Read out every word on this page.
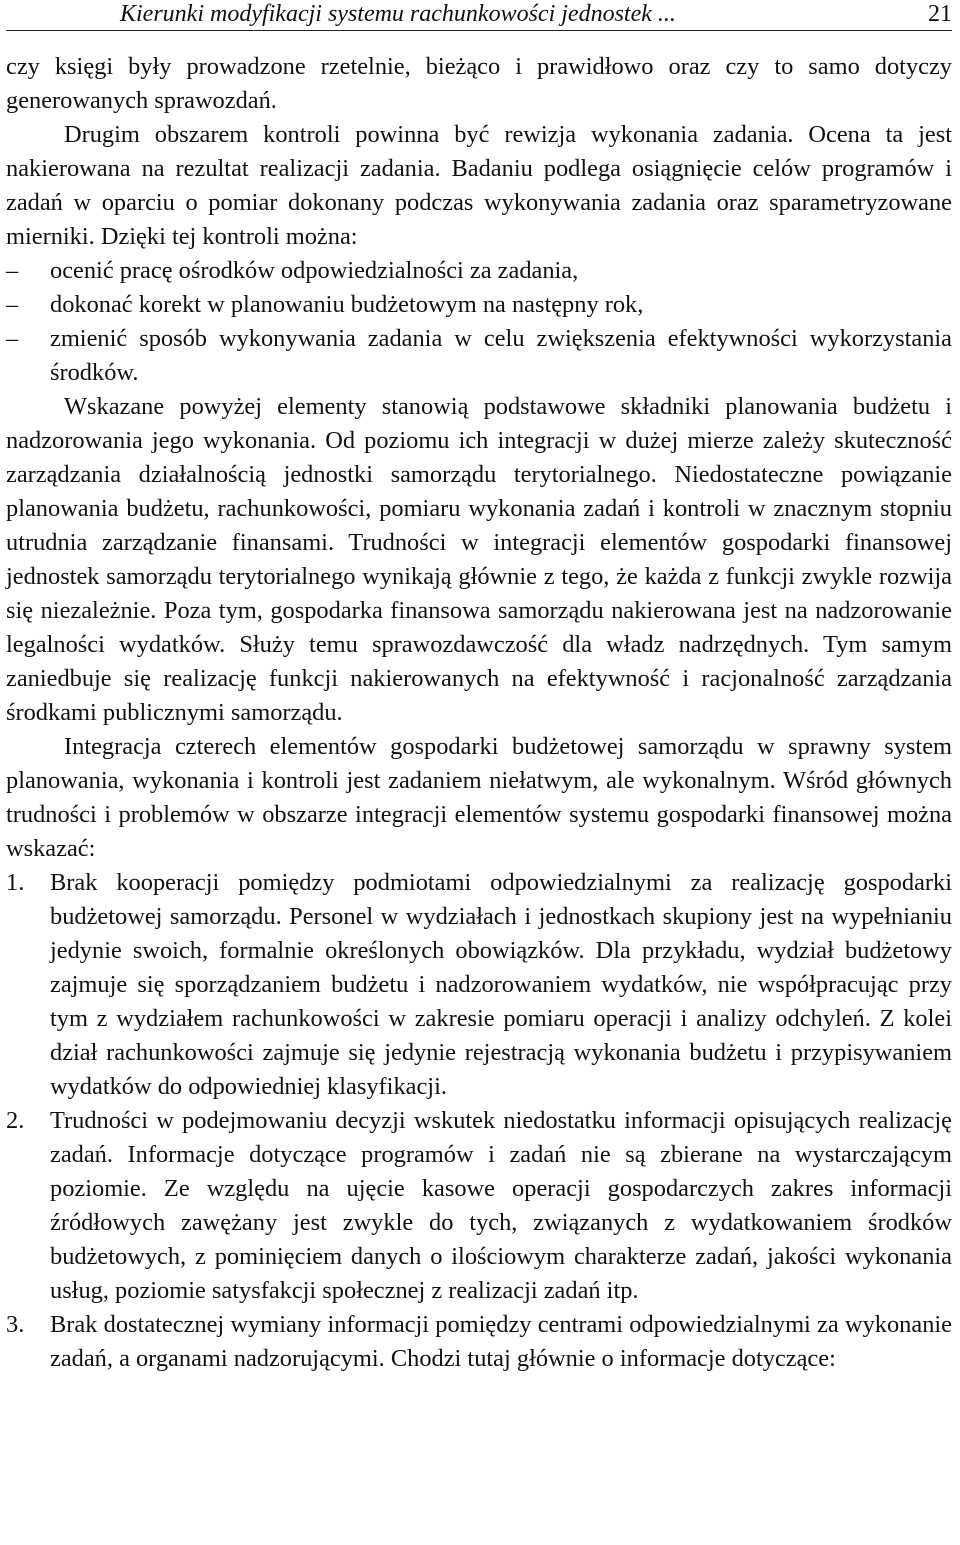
Kierunki modyfikacji systemu rachunkowości jednostek ...	21

czy księgi były prowadzone rzetelnie, bieżąco i prawidłowo oraz czy to samo dotyczy generowanych sprawozdań.

Drugim obszarem kontroli powinna być rewizja wykonania zadania. Ocena ta jest nakierowana na rezultat realizacji zadania. Badaniu podlega osiągnięcie celów programów i zadań w oparciu o pomiar dokonany podczas wykonywania zadania oraz sparametryzowane mierniki. Dzięki tej kontroli można:

– ocenić pracę ośrodków odpowiedzialności za zadania,
– dokonać korekt w planowaniu budżetowym na następny rok,
– zmienić sposób wykonywania zadania w celu zwiększenia efektywności wykorzystania środków.

Wskazane powyżej elementy stanowią podstawowe składniki planowania budżetu i nadzorowania jego wykonania. Od poziomu ich integracji w dużej mierze zależy skuteczność zarządzania działalnością jednostki samorządu terytorialnego. Niedostateczne powiązanie planowania budżetu, rachunkowości, pomiaru wykonania zadań i kontroli w znacznym stopniu utrudnia zarządzanie finansami. Trudności w integracji elementów gospodarki finansowej jednostek samorządu terytorialnego wynikają głównie z tego, że każda z funkcji zwykle rozwija się niezależnie. Poza tym, gospodarka finansowa samorządu nakierowana jest na nadzorowanie legalności wydatków. Służy temu sprawozdawczość dla władz nadrzędnych. Tym samym zaniedbuje się realizację funkcji nakierowanych na efektywność i racjonalność zarządzania środkami publicznymi samorządu.

Integracja czterech elementów gospodarki budżetowej samorządu w sprawny system planowania, wykonania i kontroli jest zadaniem niełatwym, ale wykonalnym. Wśród głównych trudności i problemów w obszarze integracji elementów systemu gospodarki finansowej można wskazać:

1. Brak kooperacji pomiędzy podmiotami odpowiedzialnymi za realizację gospodarki budżetowej samorządu. Personel w wydziałach i jednostkach skupiony jest na wypełnianiu jedynie swoich, formalnie określonych obowiązków. Dla przykładu, wydział budżetowy zajmuje się sporządzaniem budżetu i nadzorowaniem wydatków, nie współpracując przy tym z wydziałem rachunkowości w zakresie pomiaru operacji i analizy odchyleń. Z kolei dział rachunkowości zajmuje się jedynie rejestracją wykonania budżetu i przypisywaniem wydatków do odpowiedniej klasyfikacji.
2. Trudności w podejmowaniu decyzji wskutek niedostatku informacji opisujących realizację zadań. Informacje dotyczące programów i zadań nie są zbierane na wystarczającym poziomie. Ze względu na ujęcie kasowe operacji gospodarczych zakres informacji źródłowych zawężany jest zwykle do tych, związanych z wydatkowaniem środków budżetowych, z pominięciem danych o ilościowym charakterze zadań, jakości wykonania usług, poziomie satysfakcji społecznej z realizacji zadań itp.
3. Brak dostatecznej wymiany informacji pomiędzy centrami odpowiedzialnymi za wykonanie zadań, a organami nadzorującymi. Chodzi tutaj głównie o informacje dotyczące:
